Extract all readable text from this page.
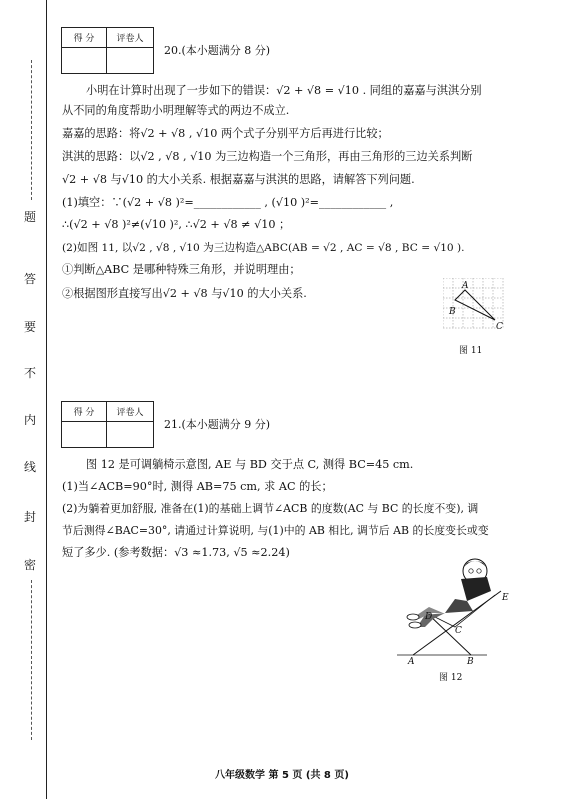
题
答
要
不
内
线
封
密
得 分	评卷人

20.(本小题满分 8 分)
小明在计算时出现了一步如下的错误：√2 + √8 = √10 . 同组的嘉嘉与淇淇分别
从不同的角度帮助小明理解等式的两边不成立.
嘉嘉的思路：将√2 + √8 , √10 两个式子分别平方后再进行比较；
淇淇的思路：以√2 , √8 , √10 为三边构造一个三角形，再由三角形的三边关系判断
√2 + √8 与√10 的大小关系. 根据嘉嘉与淇淇的思路，请解答下列问题.
(1)填空：∵(√2 + √8 )²=____________ , (√10 )²=____________ ,
∴(√2 + √8 )²≠(√10 )², ∴√2 + √8 ≠ √10 ；
(2)如图 11, 以√2 , √8 , √10 为三边构造△ABC(AB = √2 , AC = √8 , BC = √10 ).
①判断△ABC 是哪种特殊三角形，并说明理由；
②根据图形直接写出√2 + √8 与√10 的大小关系.
A
B
C
图 11
得 分	评卷人

21.(本小题满分 9 分)
图 12 是可调躺椅示意图, AE 与 BD 交于点 C, 测得 BC=45 cm.
(1)当∠ACB=90°时, 测得 AB=75 cm, 求 AC 的长；
(2)为躺着更加舒服, 准备在(1)的基础上调节∠ACB 的度数(AC 与 BC 的长度不变), 调
节后测得∠BAC=30°, 请通过计算说明, 与(1)中的 AB 相比, 调节后 AB 的长度变长或变
短了多少. (参考数据：√3 ≈1.73, √5 ≈2.24)
E
D
C
A	B
图 12
八年级数学 第 5 页 (共 8 页)
